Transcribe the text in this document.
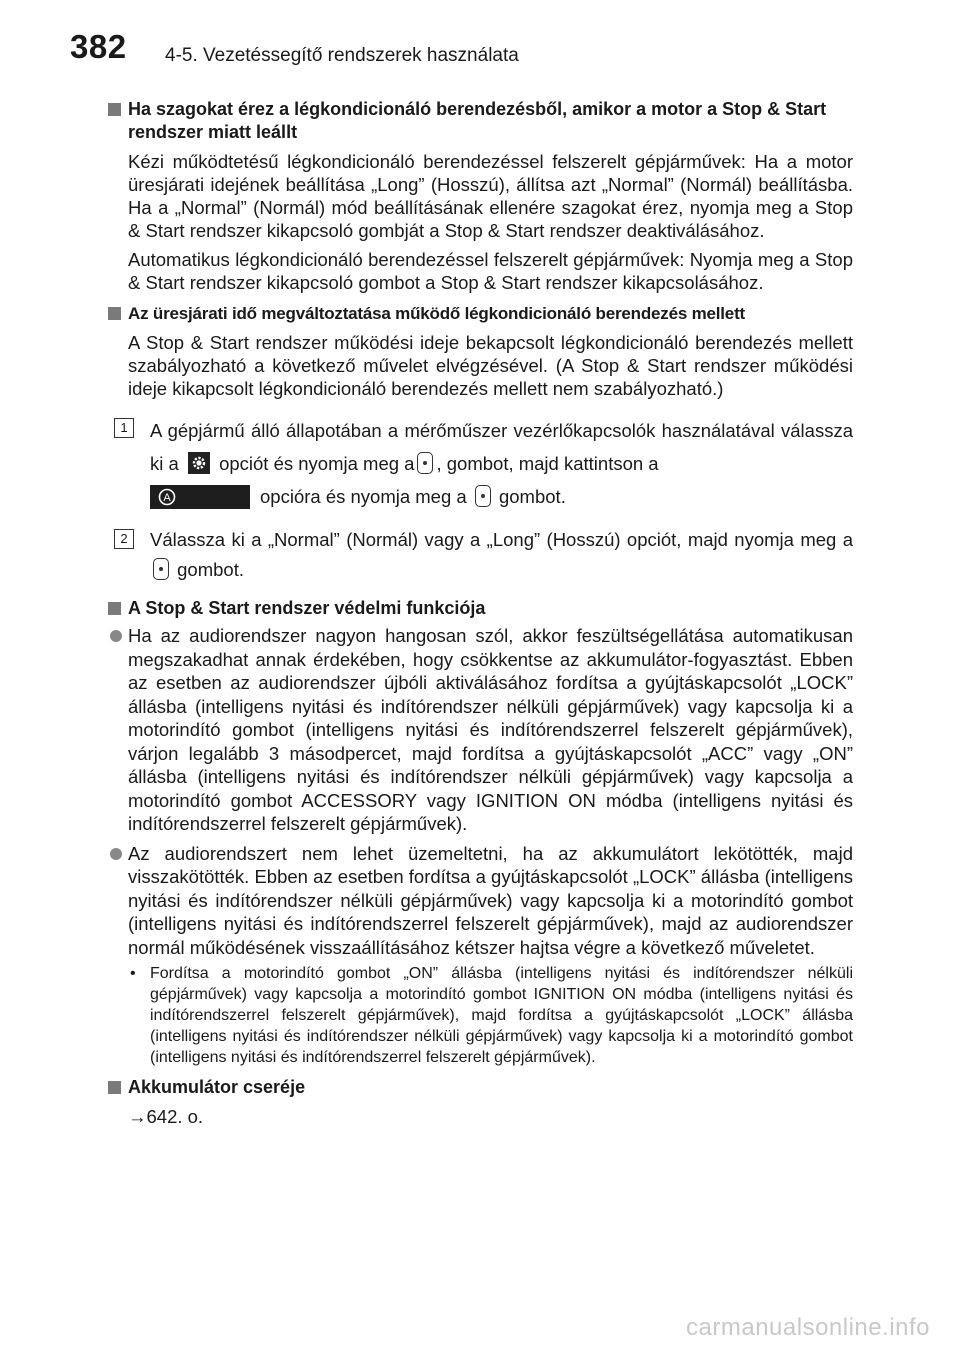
382 4-5. Vezetéssegítő rendszerek használata
Ha szagokat érez a légkondicionáló berendezésből, amikor a motor a Stop & Start rendszer miatt leállt
Kézi működtetésű légkondicionáló berendezéssel felszerelt gépjárművek: Ha a motor üresjárati idejének beállítása „Long” (Hosszú), állítsa azt „Normal” (Normál) beállításba. Ha a „Normal” (Normál) mód beállításának ellenére szagokat érez, nyomja meg a Stop & Start rendszer kikapcsoló gombját a Stop & Start rendszer deaktiválásához.
Automatikus légkondicionáló berendezéssel felszerelt gépjárművek: Nyomja meg a Stop & Start rendszer kikapcsoló gombot a Stop & Start rendszer kikapcsolásához.
Az üresjárati idő megváltoztatása működő légkondicionáló berendezés mellett
A Stop & Start rendszer működési ideje bekapcsolt légkondicionáló berendezés mellett szabályozható a következő művelet elvégzésével. (A Stop & Start rendszer működési ideje kikapcsolt légkondicionáló berendezés mellett nem szabályozható.)
1	A gépjármű álló állapotában a mérőműszer vezérlőkapcsolók használatával válassza ki a opciót és nyomja meg a , gombot, majd kattintson a

A	opcióra és nyomja meg a gombot.
2	Válassza ki a „Normal” (Normál) vagy a „Long” (Hosszú) opciót, majd nyomja meg a  gombot.
A Stop & Start rendszer védelmi funkciója
Ha az audiorendszer nagyon hangosan szól, akkor feszültségellátása automatikusan megszakadhat annak érdekében, hogy csökkentse az akkumulátor-fogyasztást. Ebben az esetben az audiorendszer újbóli aktiválásához fordítsa a gyújtáskapcsolót „LOCK” állásba (intelligens nyitási és indítórendszer nélküli gépjárművek) vagy kapcsolja ki a motorindító gombot (intelligens nyitási és indítórendszerrel felszerelt gépjárművek), várjon legalább 3 másodpercet, majd fordítsa a gyújtáskapcsolót „ACC” vagy „ON” állásba (intelligens nyitási és indítórendszer nélküli gépjárművek) vagy kapcsolja a motorindító gombot ACCESSORY vagy IGNITION ON módba (intelligens nyitási és indítórendszerrel felszerelt gépjárművek).
Az audiorendszert nem lehet üzemeltetni, ha az akkumulátort lekötötték, majd visszakötötték. Ebben az esetben fordítsa a gyújtáskapcsolót „LOCK” állásba (intelligens nyitási és indítórendszer nélküli gépjárművek) vagy kapcsolja ki a motorindító gombot (intelligens nyitási és indítórendszerrel felszerelt gépjárművek), majd az audiorendszer normál működésének visszaállításához kétszer hajtsa végre a következő műveletet.
• Fordítsa a motorindító gombot „ON” állásba (intelligens nyitási és indítórendszer nélküli gépjárművek) vagy kapcsolja a motorindító gombot IGNITION ON módba (intelligens nyitási és indítórendszerrel felszerelt gépjárművek), majd fordítsa a gyújtáskapcsolót „LOCK” állásba (intelligens nyitási és indítórendszer nélküli gépjárművek) vagy kapcsolja ki a motorindító gombot (intelligens nyitási és indítórendszerrel felszerelt gépjárművek).
Akkumulátor cseréje
→642. o.
carmanualsonline.info
